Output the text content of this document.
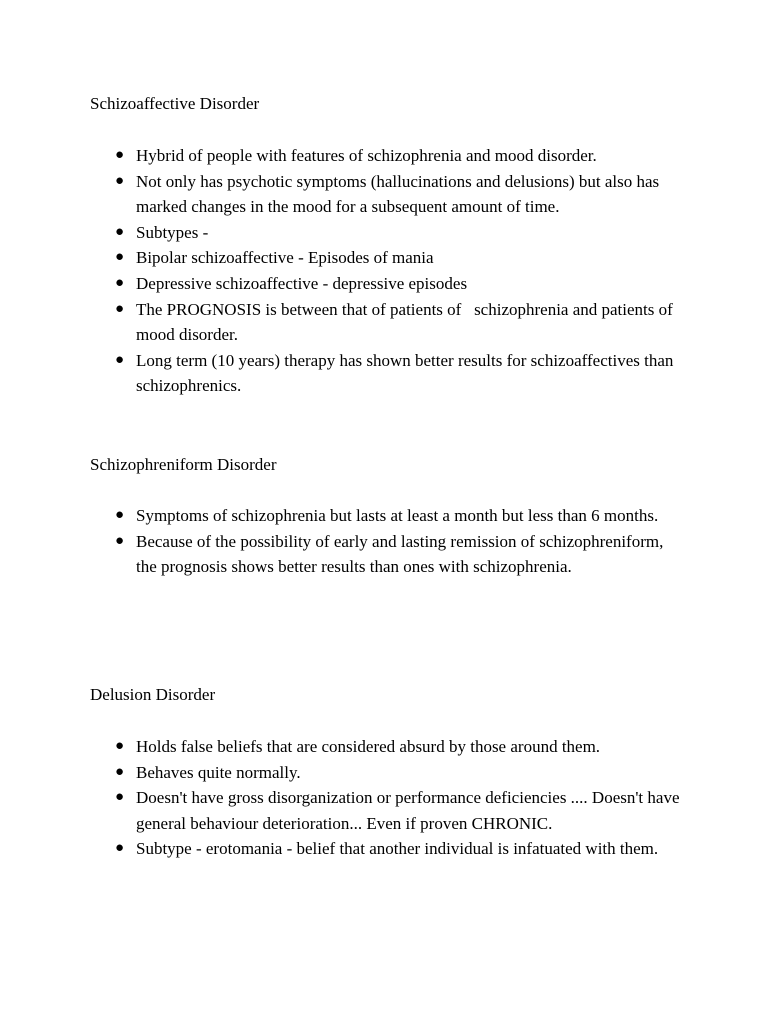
Schizoaffective Disorder
● Hybrid of people with features of schizophrenia and mood disorder.
● Not only has psychotic symptoms (hallucinations and delusions) but also has marked changes in the mood for a subsequent amount of time.
● Subtypes -
● Bipolar schizoaffective - Episodes of mania
● Depressive schizoaffective - depressive episodes
● The PROGNOSIS is between that of patients of   schizophrenia and patients of mood disorder.
● Long term (10 years) therapy has shown better results for schizoaffectives than schizophrenics.
Schizophreniform Disorder
● Symptoms of schizophrenia but lasts at least a month but less than 6 months.
● Because of the possibility of early and lasting remission of schizophreniform,  the prognosis shows better results than ones with schizophrenia.
Delusion Disorder
● Holds false beliefs that are considered absurd by those around them.
● Behaves quite normally.
● Doesn't have gross disorganization or performance deficiencies .... Doesn't have general behaviour deterioration... Even if proven CHRONIC.
● Subtype - erotomania - belief that another individual is infatuated with them.
